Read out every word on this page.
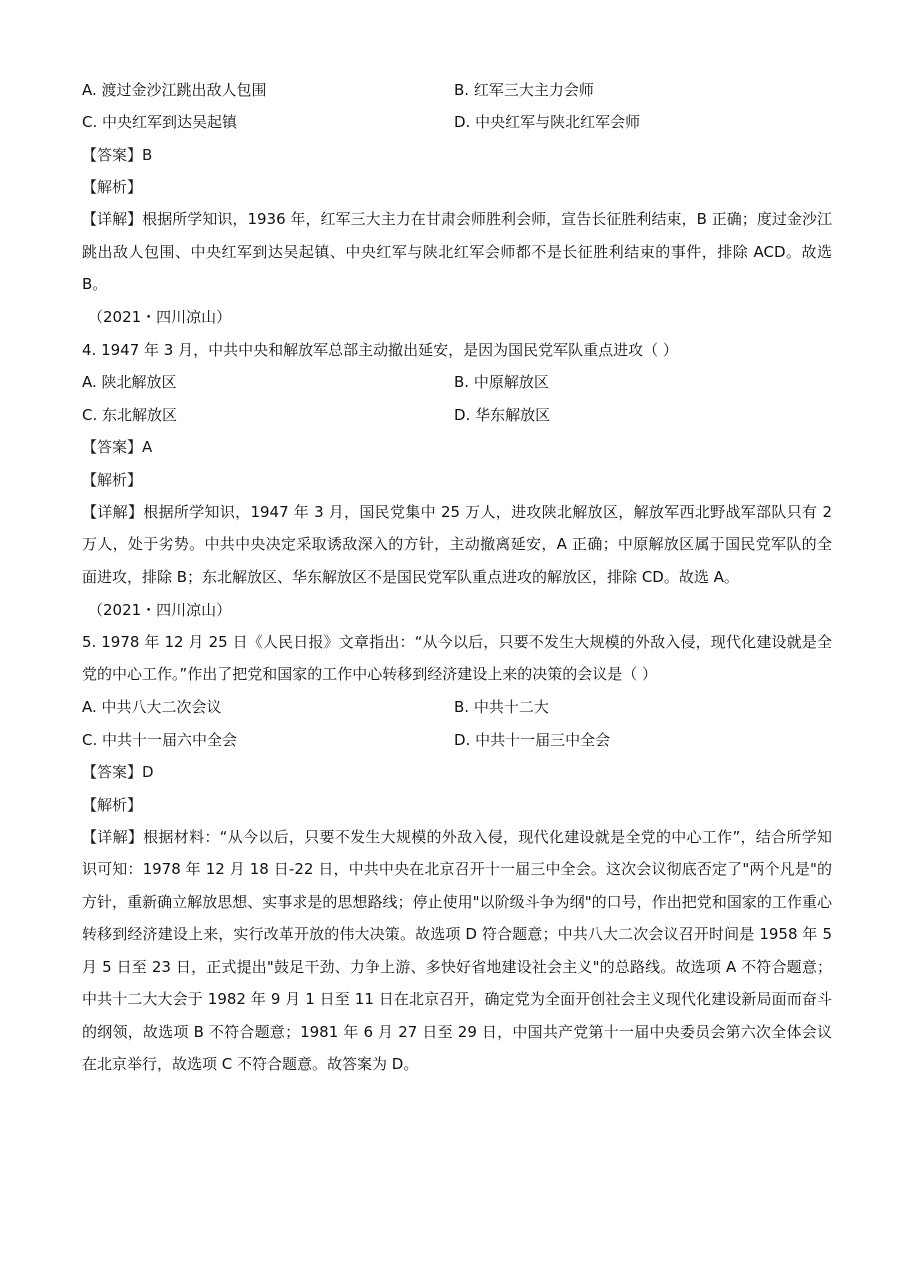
A. 渡过金沙江跳出敌人包围	B. 红军三大主力会师
C. 中央红军到达吴起镇	D. 中央红军与陕北红军会师
【答案】B
【解析】
【详解】根据所学知识，1936 年，红军三大主力在甘肃会师胜利会师，宣告长征胜利结束，B 正确；度过金沙江跳出敌人包围、中央红军到达吴起镇、中央红军与陕北红军会师都不是长征胜利结束的事件，排除 ACD。故选 B。
（2021・四川凉山）
4. 1947 年 3 月，中共中央和解放军总部主动撤出延安，是因为国民党军队重点进攻（ ）
A. 陕北解放区	B. 中原解放区
C. 东北解放区	D. 华东解放区
【答案】A
【解析】
【详解】根据所学知识，1947 年 3 月，国民党集中 25 万人，进攻陕北解放区，解放军西北野战军部队只有 2 万人，处于劣势。中共中央决定采取诱敌深入的方针，主动撤离延安，A 正确；中原解放区属于国民党军队的全面进攻，排除 B；东北解放区、华东解放区不是国民党军队重点进攻的解放区，排除 CD。故选 A。
（2021・四川凉山）
5. 1978 年 12 月 25 日《人民日报》文章指出：“从今以后，只要不发生大规模的外敌入侵，现代化建设就是全党的中心工作。”作出了把党和国家的工作中心转移到经济建设上来的决策的会议是（ ）
A. 中共八大二次会议	B. 中共十二大
C. 中共十一届六中全会	D. 中共十一届三中全会
【答案】D
【解析】
【详解】根据材料：“从今以后，只要不发生大规模的外敌入侵，现代化建设就是全党的中心工作”，结合所学知识可知：1978 年 12 月 18 日-22 日，中共中央在北京召开十一届三中全会。这次会议彻底否定了"两个凡是"的方针，重新确立解放思想、实事求是的思想路线；停止使用"以阶级斗争为纲"的口号，作出把党和国家的工作重心转移到经济建设上来，实行改革开放的伟大决策。故选项 D 符合题意；中共八大二次会议召开时间是 1958 年 5 月 5 日至 23 日，正式提出"鼓足干劲、力争上游、多快好省地建设社会主义"的总路线。故选项 A 不符合题意；中共十二大大会于 1982 年 9 月 1 日至 11 日在北京召开，确定党为全面开创社会主义现代化建设新局面而奋斗的纲领，故选项 B 不符合题意；1981 年 6 月 27 日至 29 日，中国共产党第十一届中央委员会第六次全体会议在北京举行，故选项 C 不符合题意。故答案为 D。
